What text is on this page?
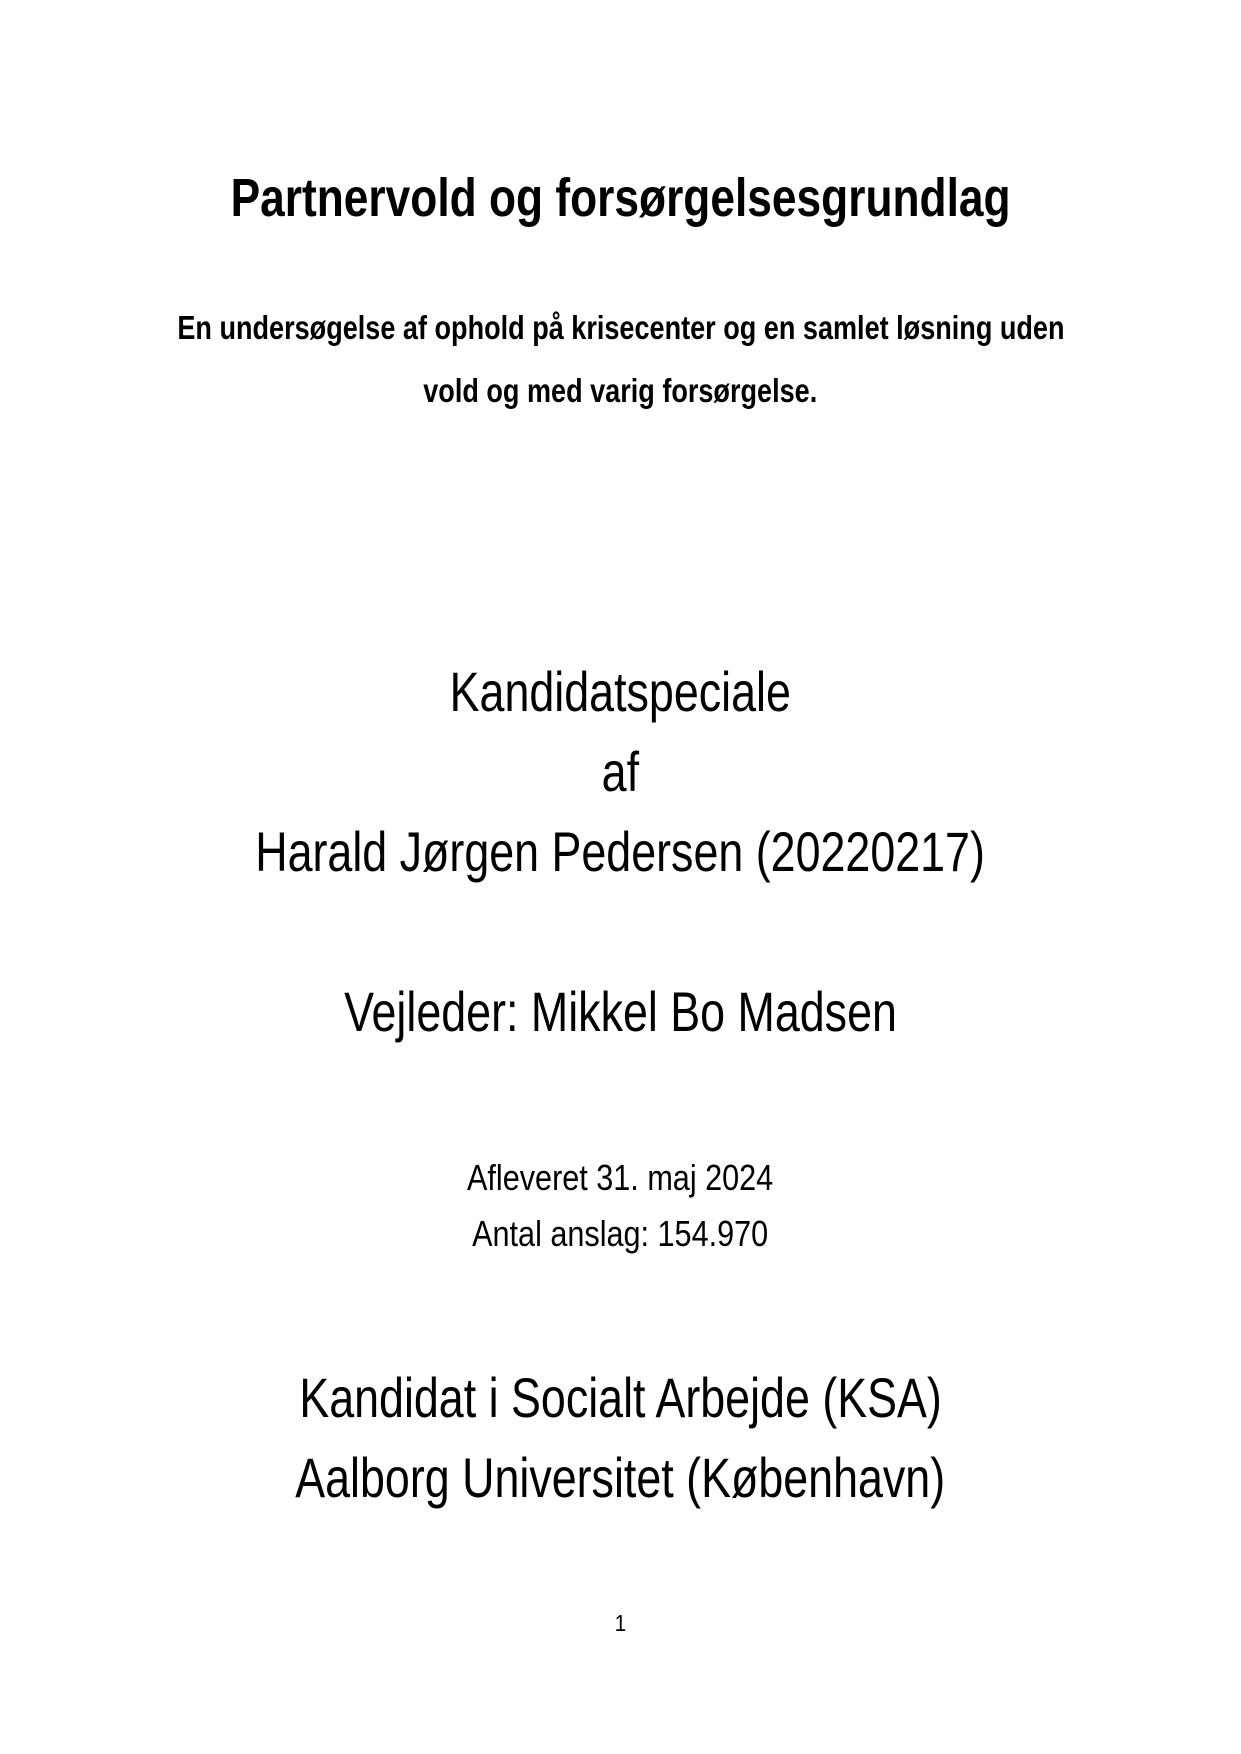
Partnervold og forsørgelsesgrundlag
En undersøgelse af ophold på krisecenter og en samlet løsning uden
vold og med varig forsørgelse.
Kandidatspeciale
af
Harald Jørgen Pedersen (20220217)
Vejleder: Mikkel Bo Madsen
Afleveret 31. maj 2024
Antal anslag: 154.970
Kandidat i Socialt Arbejde (KSA)
Aalborg Universitet (København)
1
